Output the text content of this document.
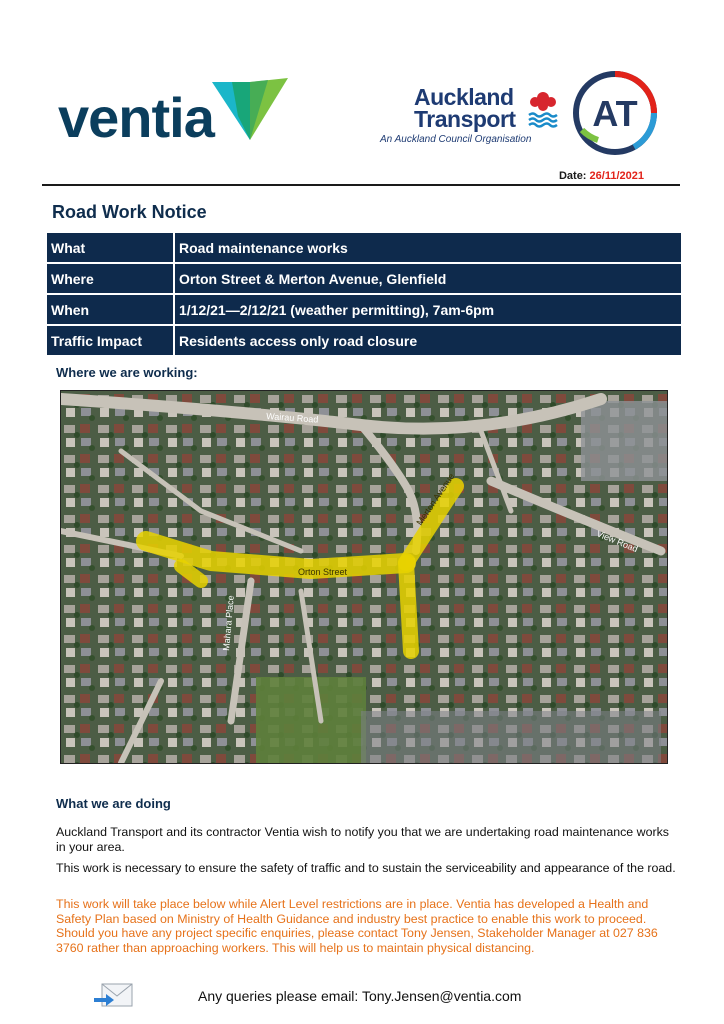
ventia	Auckland
Transport
An Auckland Council Organisation
AT
Date: 26/11/2021
Road Work Notice
What	Road maintenance works
Where	Orton Street & Merton Avenue, Glenfield
When	1/12/21—2/12/21 (weather permitting), 7am-6pm
Traffic Impact	Residents access only road closure
Where we are working:
Wairau Road
Merton Avenue
View Road
Orton Street
Mahara Place
What we are doing
Auckland Transport and its contractor Ventia wish to notify you that we are undertaking road maintenance works in your area.
This work is necessary to ensure the safety of traffic and to sustain the serviceability and appearance of the road.
This work will take place below while Alert Level restrictions are in place. Ventia has developed a Health and Safety Plan based on Ministry of Health Guidance and industry best practice to enable this work to proceed. Should you have any project specific enquiries, please contact Tony Jensen, Stakeholder Manager at 027 836 3760 rather than approaching workers. This will help us to maintain physical distancing.
Any queries please email: Tony.Jensen@ventia.com
